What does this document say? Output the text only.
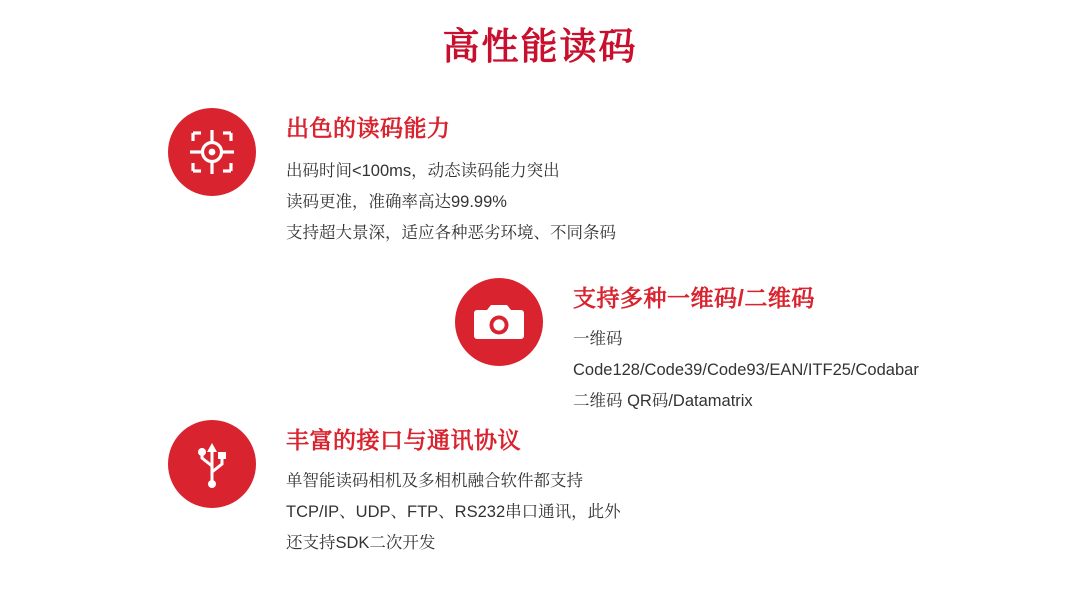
高性能读码
出色的读码能力
出码时间<100ms，动态读码能力突出
读码更准，准确率高达99.99%
支持超大景深，适应各种恶劣环境、不同条码
支持多种一维码/二维码
一维码
Code128/Code39/Code93/EAN/ITF25/Codabar
二维码 QR码/Datamatrix
丰富的接口与通讯协议
单智能读码相机及多相机融合软件都支持
TCP/IP、UDP、FTP、RS232串口通讯，此外
还支持SDK二次开发
